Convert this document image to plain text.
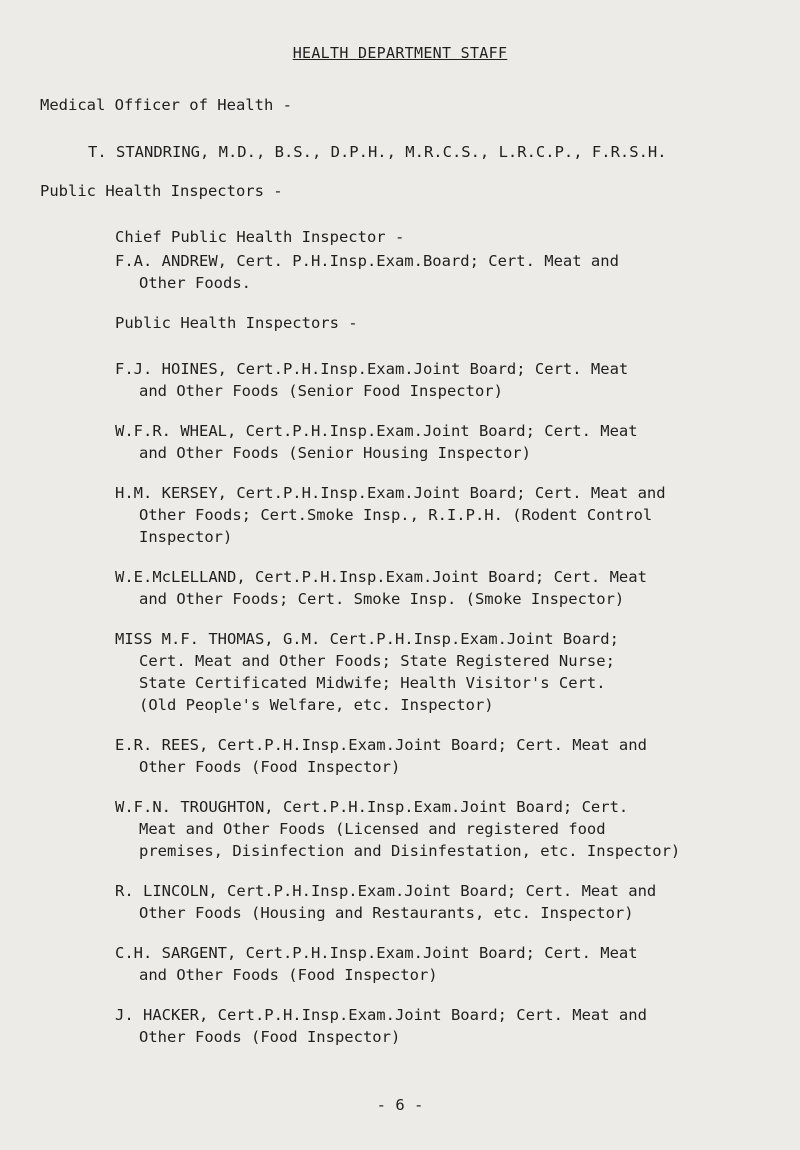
HEALTH DEPARTMENT STAFF
Medical Officer of Health -
T. STANDRING, M.D., B.S., D.P.H., M.R.C.S., L.R.C.P., F.R.S.H.
Public Health Inspectors -
Chief Public Health Inspector -
F.A. ANDREW, Cert. P.H.Insp.Exam.Board; Cert. Meat and
Other Foods.
Public Health Inspectors -
F.J. HOINES, Cert.P.H.Insp.Exam.Joint Board; Cert. Meat
and Other Foods (Senior Food Inspector)
W.F.R. WHEAL, Cert.P.H.Insp.Exam.Joint Board; Cert. Meat
and Other Foods (Senior Housing Inspector)
H.M. KERSEY, Cert.P.H.Insp.Exam.Joint Board; Cert. Meat and
Other Foods; Cert.Smoke Insp., R.I.P.H. (Rodent Control
Inspector)
W.E.McLELLAND, Cert.P.H.Insp.Exam.Joint Board; Cert. Meat
and Other Foods; Cert. Smoke Insp. (Smoke Inspector)
MISS M.F. THOMAS, G.M. Cert.P.H.Insp.Exam.Joint Board;
Cert. Meat and Other Foods; State Registered Nurse;
State Certificated Midwife; Health Visitor's Cert.
(Old People's Welfare, etc. Inspector)
E.R. REES, Cert.P.H.Insp.Exam.Joint Board; Cert. Meat and
Other Foods (Food Inspector)
W.F.N. TROUGHTON, Cert.P.H.Insp.Exam.Joint Board; Cert.
Meat and Other Foods (Licensed and registered food
premises, Disinfection and Disinfestation, etc. Inspector)
R. LINCOLN, Cert.P.H.Insp.Exam.Joint Board; Cert. Meat and
Other Foods (Housing and Restaurants, etc. Inspector)
C.H. SARGENT, Cert.P.H.Insp.Exam.Joint Board; Cert. Meat
and Other Foods (Food Inspector)
J. HACKER, Cert.P.H.Insp.Exam.Joint Board; Cert. Meat and
Other Foods (Food Inspector)
- 6 -
